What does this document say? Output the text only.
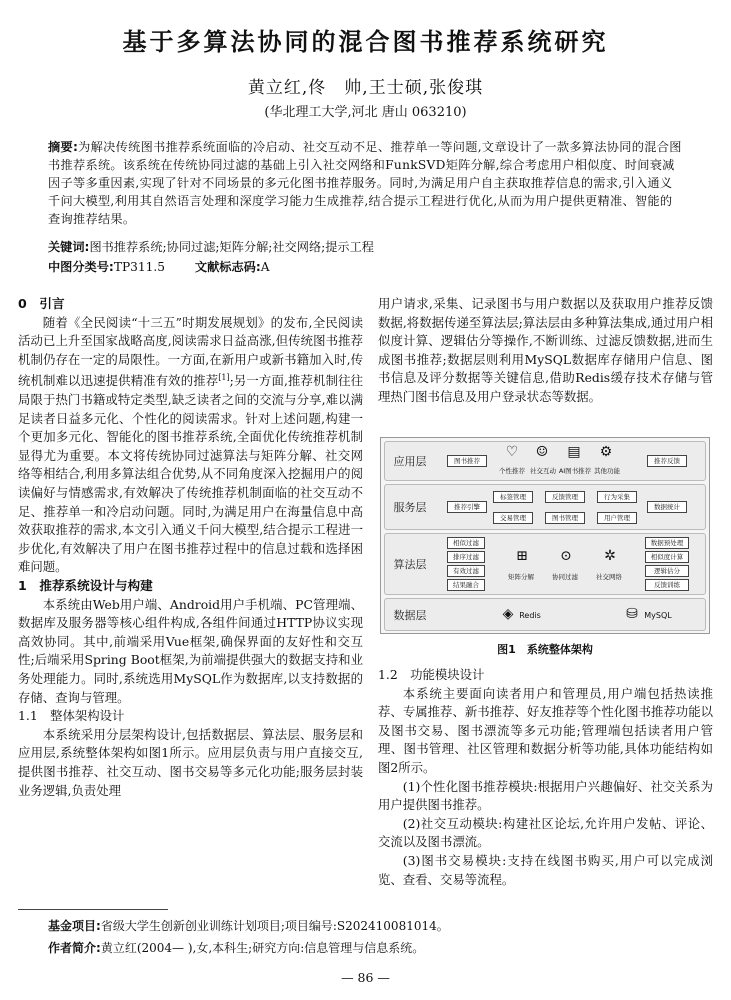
基于多算法协同的混合图书推荐系统研究
黄立红,佟　帅,王士硕,张俊琪
(华北理工大学,河北 唐山 063210)
摘要:为解决传统图书推荐系统面临的冷启动、社交互动不足、推荐单一等问题,文章设计了一款多算法协同的混合图书推荐系统。该系统在传统协同过滤的基础上引入社交网络和FunkSVD矩阵分解,综合考虑用户相似度、时间衰减因子等多重因素,实现了针对不同场景的多元化图书推荐服务。同时,为满足用户自主获取推荐信息的需求,引入通义千问大模型,利用其自然语言处理和深度学习能力生成推荐,结合提示工程进行优化,从而为用户提供更精准、智能的查询推荐结果。
关键词:图书推荐系统;协同过滤;矩阵分解;社交网络;提示工程
中图分类号:TP311.5 文献标志码:A
0　引言

随着《全民阅读“十三五”时期发展规划》的发布,全民阅读活动已上升至国家战略高度,阅读需求日益高涨,但传统图书推荐机制仍存在一定的局限性。一方面,在新用户或新书籍加入时,传统机制难以迅速提供精准有效的推荐[1];另一方面,推荐机制往往局限于热门书籍或特定类型,缺乏读者之间的交流与分享,难以满足读者日益多元化、个性化的阅读需求。针对上述问题,构建一个更加多元化、智能化的图书推荐系统,全面优化传统推荐机制显得尤为重要。本文将传统协同过滤算法与矩阵分解、社交网络等相结合,利用多算法组合优势,从不同角度深入挖掘用户的阅读偏好与情感需求,有效解决了传统推荐机制面临的社交互动不足、推荐单一和冷启动问题。同时,为满足用户在海量信息中高效获取推荐的需求,本文引入通义千问大模型,结合提示工程进一步优化,有效解决了用户在图书推荐过程中的信息过载和选择困难问题。

1　推荐系统设计与构建

本系统由Web用户端、Android用户手机端、PC管理端、数据库及服务器等核心组件构成,各组件间通过HTTP协议实现高效协同。其中,前端采用Vue框架,确保界面的友好性和交互性;后端采用Spring Boot框架,为前端提供强大的数据支持和业务处理能力。同时,系统选用MySQL作为数据库,以支持数据的存储、查询与管理。

1.1　整体架构设计

本系统采用分层架构设计,包括数据层、算法层、服务层和应用层,系统整体架构如图1所示。应用层负责与用户直接交互,提供图书推荐、社交互动、图书交易等多元化功能;服务层封装业务逻辑,负责处理

用户请求,采集、记录图书与用户数据以及获取用户推荐反馈数据,将数据传递至算法层;算法层由多种算法集成,通过用户相似度计算、逻辑估分等操作,不断训练、过滤反馈数据,进而生成图书推荐;数据层则利用MySQL数据库存储用户信息、图书信息及评分数据等关键信息,借助Redis缓存技术存储与管理热门图书信息及用户登录状态等数据。

应用层	图书推荐
♡
个性推荐
☺
社交互动
▤
AI图书推荐
⚙
其他功能
推荐反馈
服务层	推荐引擎
标签管理	反馈管理	行为采集
交易管理	图书管理	用户管理
数据统计
算法层
相似过滤
排序过滤
有效过滤
结果融合
⊞
矩阵分解
⊙
协同过滤
✲
社交网络
数据预处理
相似度计算
逻辑估分
反馈训练
数据层	◈ Redis	⛁ MySQL
图1　系统整体架构
1.2　功能模块设计

本系统主要面向读者用户和管理员,用户端包括热读推荐、专属推荐、新书推荐、好友推荐等个性化图书推荐功能以及图书交易、图书漂流等多元功能;管理端包括读者用户管理、图书管理、社区管理和数据分析等功能,具体功能结构如图2所示。

(1)个性化图书推荐模块:根据用户兴趣偏好、社交关系为用户提供图书推荐。

(2)社交互动模块:构建社区论坛,允许用户发帖、评论、交流以及图书漂流。

(3)图书交易模块:支持在线图书购买,用户可以完成浏览、查看、交易等流程。

基金项目:省级大学生创新创业训练计划项目;项目编号:S202410081014。
作者简介:黄立红(2004— ),女,本科生;研究方向:信息管理与信息系统。
— 86 —
